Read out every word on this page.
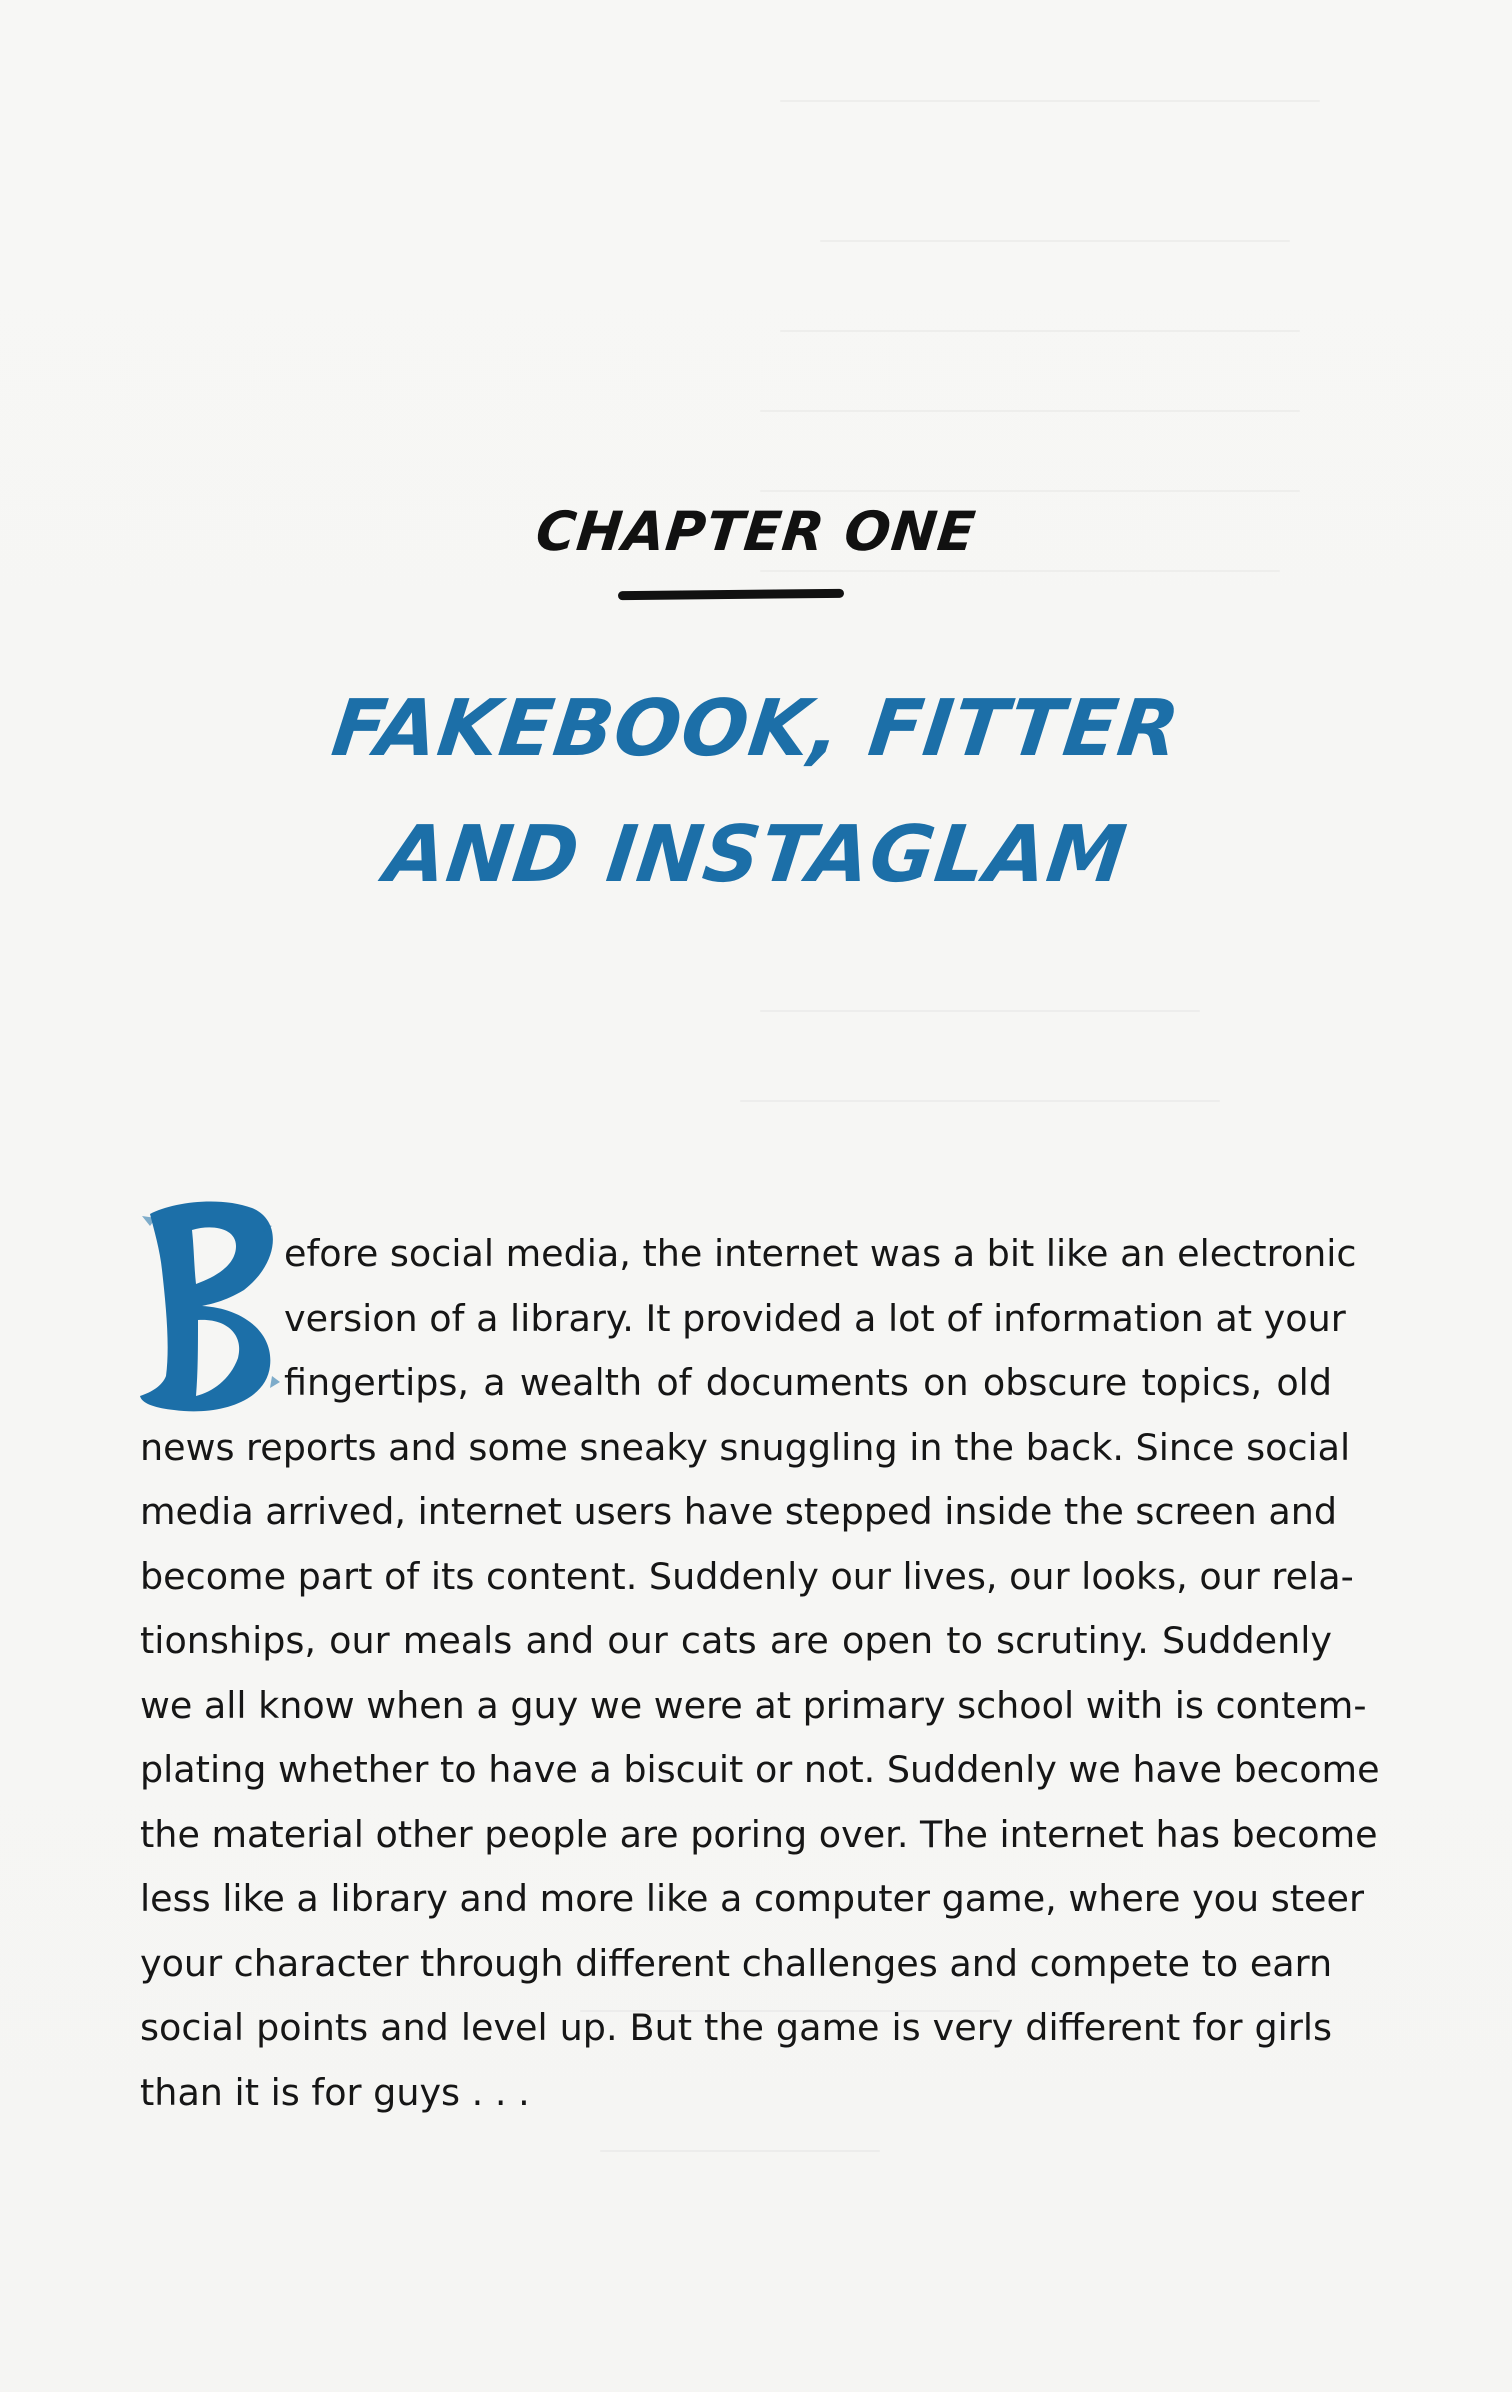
CHAPTER ONE
FAKEBOOK, FITTER
AND INSTAGLAM
efore social media, the internet was a bit like an electronic
version of a library. It provided a lot of information at your
fingertips, a wealth of documents on obscure topics, old
news reports and some sneaky snuggling in the back. Since social
media arrived, internet users have stepped inside the screen and
become part of its content. Suddenly our lives, our looks, our rela-
tionships, our meals and our cats are open to scrutiny. Suddenly
we all know when a guy we were at primary school with is contem-
plating whether to have a biscuit or not. Suddenly we have become
the material other people are poring over. The internet has become
less like a library and more like a computer game, where you steer
your character through different challenges and compete to earn
social points and level up. But the game is very different for girls
than it is for guys . . .
